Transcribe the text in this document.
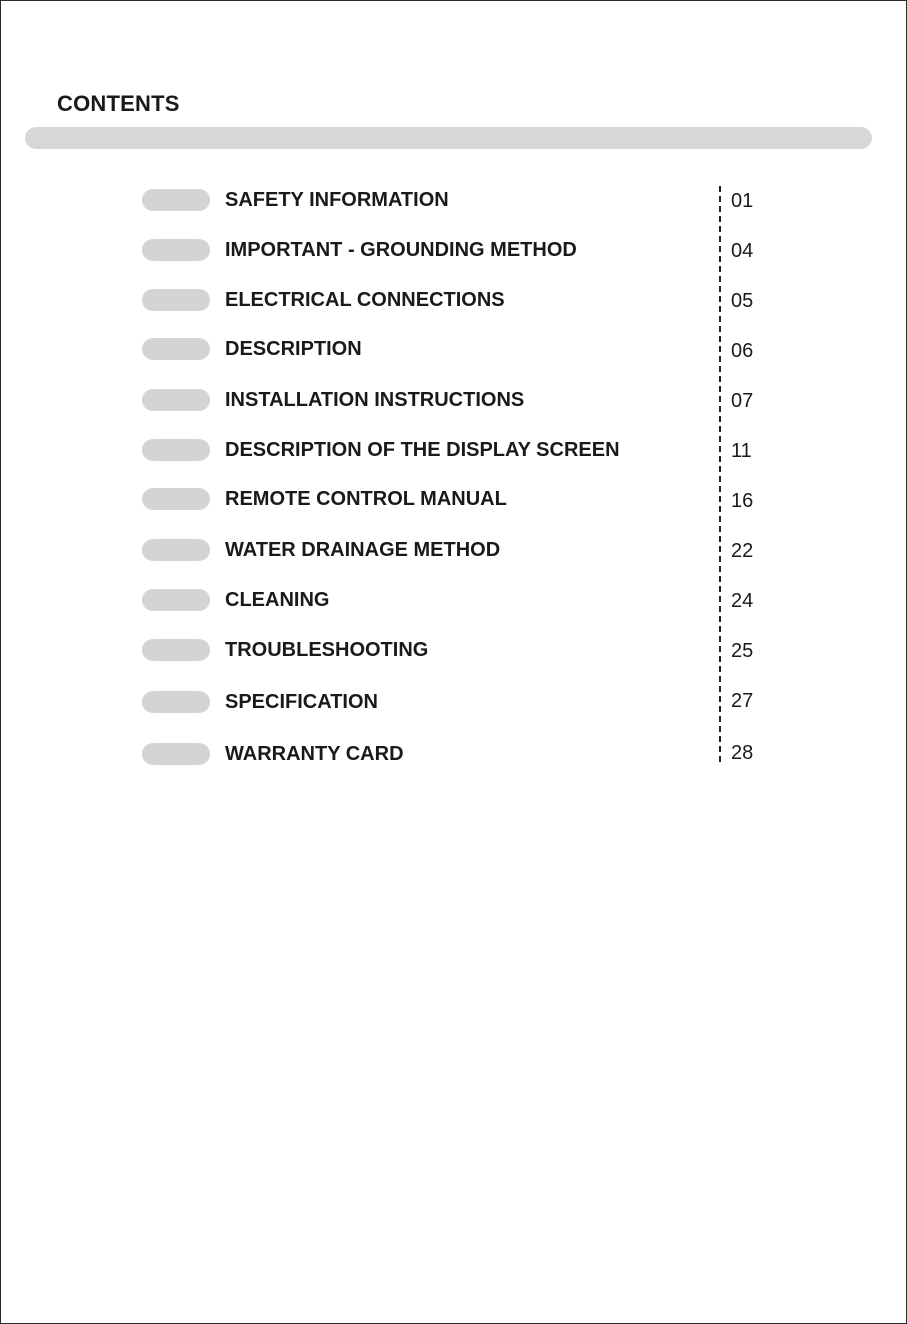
CONTENTS
SAFETY INFORMATION	01
IMPORTANT - GROUNDING METHOD	04
ELECTRICAL CONNECTIONS	05
DESCRIPTION	06
INSTALLATION INSTRUCTIONS	07
DESCRIPTION OF THE DISPLAY SCREEN	11
REMOTE CONTROL MANUAL	16
WATER DRAINAGE METHOD	22
CLEANING	24
TROUBLESHOOTING	25
SPECIFICATION	27
WARRANTY CARD	28
